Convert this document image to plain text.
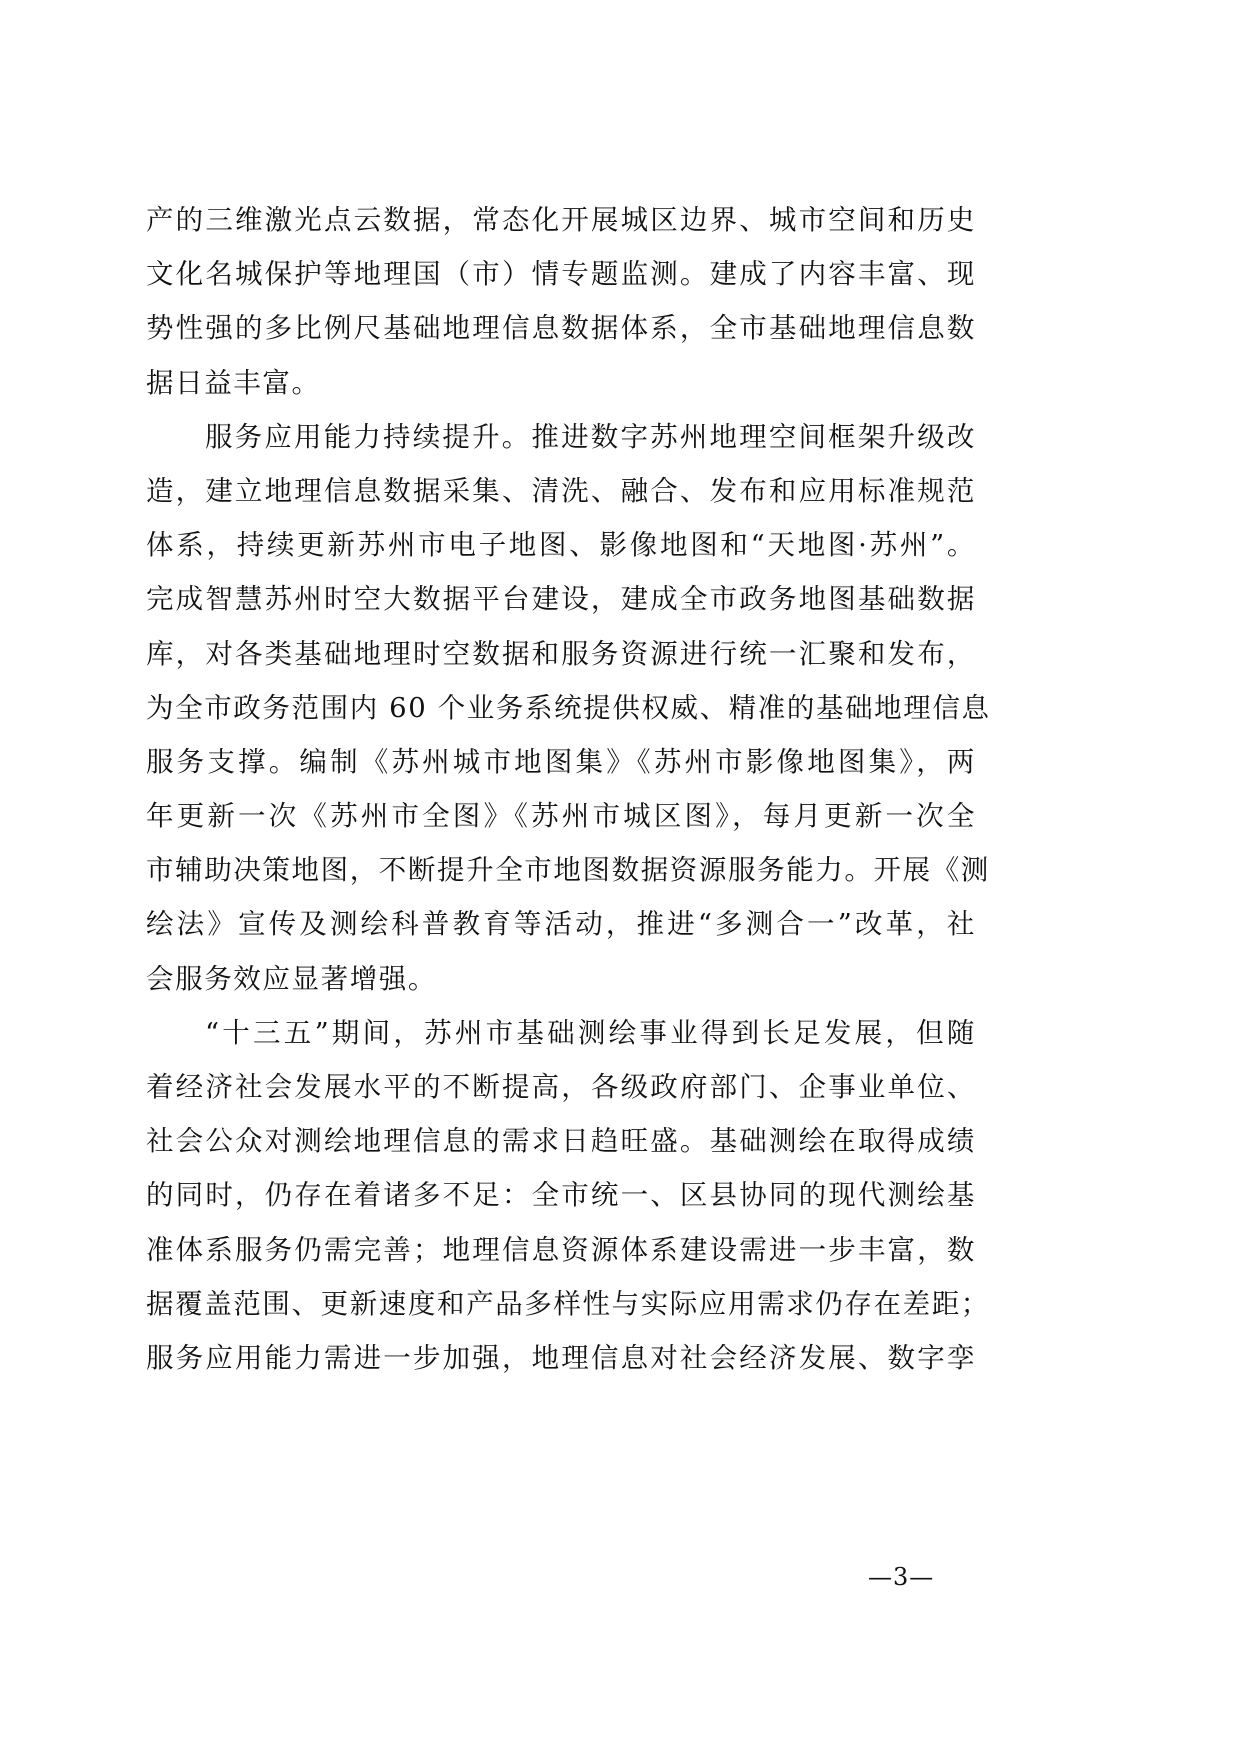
产的三维激光点云数据，常态化开展城区边界、城市空间和历史
文化名城保护等地理国（市）情专题监测。建成了内容丰富、现
势性强的多比例尺基础地理信息数据体系，全市基础地理信息数
据日益丰富。
服务应用能力持续提升。推进数字苏州地理空间框架升级改
造，建立地理信息数据采集、清洗、融合、发布和应用标准规范
体系，持续更新苏州市电子地图、影像地图和“天地图·苏州”。
完成智慧苏州时空大数据平台建设，建成全市政务地图基础数据
库，对各类基础地理时空数据和服务资源进行统一汇聚和发布，
为全市政务范围内 60 个业务系统提供权威、精准的基础地理信息
服务支撑。编制《苏州城市地图集》《苏州市影像地图集》，两
年更新一次《苏州市全图》《苏州市城区图》，每月更新一次全
市辅助决策地图，不断提升全市地图数据资源服务能力。开展《测
绘法》宣传及测绘科普教育等活动，推进“多测合一”改革，社
会服务效应显著增强。
“十三五”期间，苏州市基础测绘事业得到长足发展，但随
着经济社会发展水平的不断提高，各级政府部门、企事业单位、
社会公众对测绘地理信息的需求日趋旺盛。基础测绘在取得成绩
的同时，仍存在着诸多不足：全市统一、区县协同的现代测绘基
准体系服务仍需完善；地理信息资源体系建设需进一步丰富，数
据覆盖范围、更新速度和产品多样性与实际应用需求仍存在差距；
服务应用能力需进一步加强，地理信息对社会经济发展、数字孪
—3—
